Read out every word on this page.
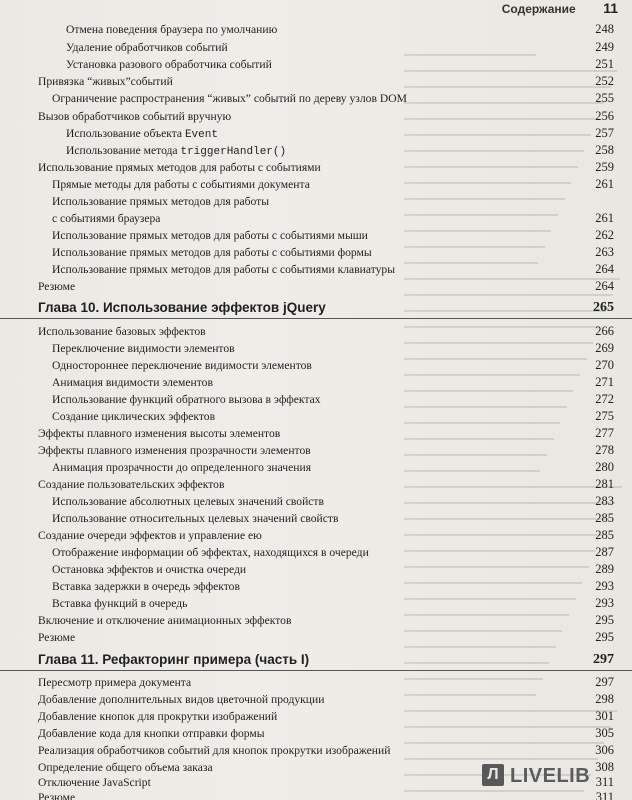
Содержание 11
Отмена поведения браузера по умолчанию	248
Удаление обработчиков событий	249
Установка разового обработчика событий	251
Привязка “живых”событий	252
Ограничение распространения “живых” событий по дереву узлов DOM	255
Вызов обработчиков событий вручную	256
Использование объекта Event	257
Использование метода triggerHandler()	258
Использование прямых методов для работы с событиями	259
Прямые методы для работы с событиями документа	261
Использование прямых методов для работы
с событиями браузера	261
Использование прямых методов для работы с событиями мыши	262
Использование прямых методов для работы с событиями формы	263
Использование прямых методов для работы с событиями клавиатуры	264
Резюме	264
Глава 10. Использование эффектов jQuery	265
Использование базовых эффектов	266
Переключение видимости элементов	269
Одностороннее переключение видимости элементов	270
Анимация видимости элементов	271
Использование функций обратного вызова в эффектах	272
Создание циклических эффектов	275
Эффекты плавного изменения высоты элементов	277
Эффекты плавного изменения прозрачности элементов	278
Анимация прозрачности до определенного значения	280
Создание пользовательских эффектов	281
Использование абсолютных целевых значений свойств	283
Использование относительных целевых значений свойств	285
Создание очереди эффектов и управление ею	285
Отображение информации об эффектах, находящихся в очереди	287
Остановка эффектов и очистка очереди	289
Вставка задержки в очередь эффектов	293
Вставка функций в очередь	293
Включение и отключение анимационных эффектов	295
Резюме	295
Глава 11. Рефакторинг примера (часть I)	297
Пересмотр примера документа	297
Добавление дополнительных видов цветочной продукции	298
Добавление кнопок для прокрутки изображений	301
Добавление кода для кнопки отправки формы	305
Реализация обработчиков событий для кнопок прокрутки изображений	306
Определение общего объема заказа	308
Отключение JavaScript	311
Резюме	311
Л LIVELIB
